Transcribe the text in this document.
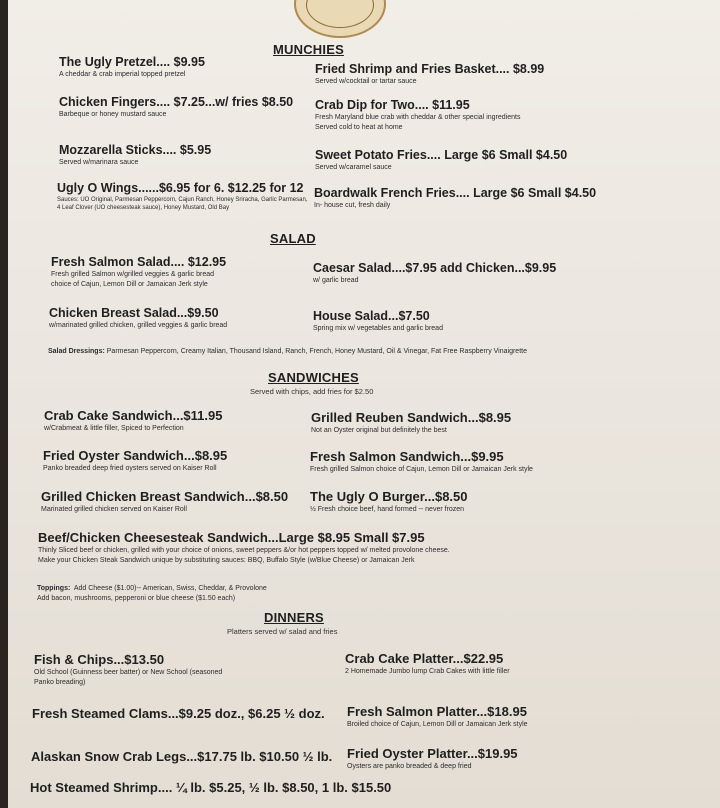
MUNCHIES
The Ugly Pretzel.... $9.95
A cheddar & crab imperial topped pretzel	Fried Shrimp and Fries Basket.... $8.99
Served w/cocktail or tartar sauce
Chicken Fingers.... $7.25...w/ fries $8.50
Barbeque or honey mustard sauce
Crab Dip for Two.... $11.95
Fresh Maryland blue crab with cheddar & other special ingredients
Served cold to heat at home
Mozzarella Sticks.... $5.95
Served w/marinara sauce
Sweet Potato Fries.... Large $6 Small $4.50
Served w/caramel sauce
Ugly O Wings......$6.95 for 6. $12.25 for 12
Sauces: UO Original, Parmesan Peppercorn, Cajun Ranch, Honey Sriracha, Garlic Parmesan, 4 Leaf Clover (UO cheesesteak sauce), Honey Mustard, Old Bay
Boardwalk French Fries.... Large $6 Small $4.50
In- house cut, fresh daily
SALAD
Fresh Salmon Salad.... $12.95
Fresh grilled Salmon w/grilled veggies & garlic bread
choice of Cajun, Lemon Dill or Jamaican Jerk style
Caesar Salad....$7.95 add Chicken...$9.95
w/ garlic bread
Chicken Breast Salad...$9.50
w/marinated grilled chicken, grilled veggies & garlic bread
House Salad...$7.50
Spring mix w/ vegetables and garlic bread
Salad Dressings: Parmesan Peppercorn, Creamy Italian, Thousand Island, Ranch, French, Honey Mustard, Oil & Vinegar, Fat Free Raspberry Vinaigrette
SANDWICHES
Served with chips, add fries for $2.50
Crab Cake Sandwich...$11.95
w/Crabmeat & little filler, Spiced to Perfection
Grilled Reuben Sandwich...$8.95
Not an Oyster original but definitely the best
Fried Oyster Sandwich...$8.95
Panko breaded deep fried oysters served on Kaiser Roll
Fresh Salmon Sandwich...$9.95
Fresh grilled Salmon choice of Cajun, Lemon Dill or Jamaican Jerk style
Grilled Chicken Breast Sandwich...$8.50
Marinated grilled chicken served on Kaiser Roll
The Ugly O Burger...$8.50
½ Fresh choice beef, hand formed -- never frozen
Beef/Chicken Cheesesteak Sandwich...Large $8.95 Small $7.95
Thinly Sliced beef or chicken, grilled with your choice of onions, sweet peppers &/or hot peppers topped w/ melted provolone cheese.
Make your Chicken Steak Sandwich unique by substituting sauces: BBQ, Buffalo Style (w/Blue Cheese) or Jamaican Jerk
Toppings: Add Cheese ($1.00)-- American, Swiss, Cheddar, & Provolone
Add bacon, mushrooms, pepperoni or blue cheese ($1.50 each)
DINNERS
Platters served w/ salad and fries
Fish & Chips...$13.50
Old School (Guinness beer batter) or New School (seasoned
Panko breading)
Crab Cake Platter...$22.95
2 Homemade Jumbo lump Crab Cakes with little filler
Fresh Steamed Clams...$9.25 doz., $6.25 ½ doz.	Fresh Salmon Platter...$18.95
Broiled choice of Cajun, Lemon Dill or Jamaican Jerk style
Alaskan Snow Crab Legs...$17.75 lb. $10.50 ½ lb.	Fried Oyster Platter...$19.95
Oysters are panko breaded & deep fried
Hot Steamed Shrimp.... ¼ lb. $5.25, ½ lb. $8.50, 1 lb. $15.50
